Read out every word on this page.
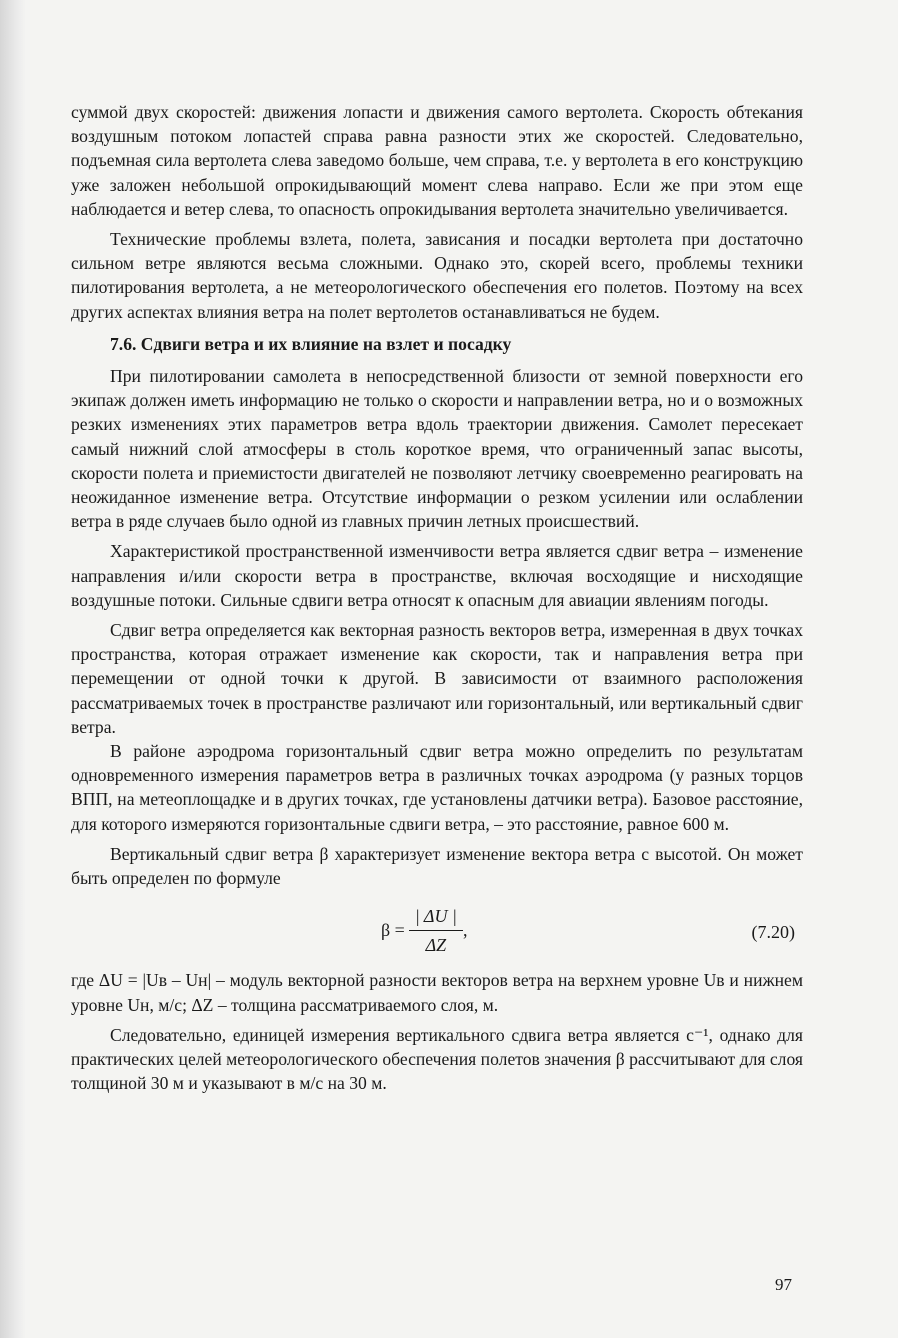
суммой двух скоростей: движения лопасти и движения самого вертолета. Скорость обтекания воздушным потоком лопастей справа равна разности этих же скоростей. Следовательно, подъемная сила вертолета слева заведомо больше, чем справа, т.е. у вертолета в его конструкцию уже заложен небольшой опрокидывающий момент слева направо. Если же при этом еще наблюдается и ветер слева, то опасность опрокидывания вертолета значительно увеличивается.

Технические проблемы взлета, полета, зависания и посадки вертолета при достаточно сильном ветре являются весьма сложными. Однако это, скорей всего, проблемы техники пилотирования вертолета, а не метеорологического обеспечения его полетов. Поэтому на всех других аспектах влияния ветра на полет вертолетов останавливаться не будем.

7.6. Сдвиги ветра и их влияние на взлет и посадку

При пилотировании самолета в непосредственной близости от земной поверхности его экипаж должен иметь информацию не только о скорости и направлении ветра, но и о возможных резких изменениях этих параметров ветра вдоль траектории движения. Самолет пересекает самый нижний слой атмосферы в столь короткое время, что ограниченный запас высоты, скорости полета и приемистости двигателей не позволяют летчику своевременно реагировать на неожиданное изменение ветра. Отсутствие информации о резком усилении или ослаблении ветра в ряде случаев было одной из главных причин летных происшествий.

Характеристикой пространственной изменчивости ветра является сдвиг ветра – изменение направления и/или скорости ветра в пространстве, включая восходящие и нисходящие воздушные потоки. Сильные сдвиги ветра относят к опасным для авиации явлениям погоды.

Сдвиг ветра определяется как векторная разность векторов ветра, измеренная в двух точках пространства, которая отражает изменение как скорости, так и направления ветра при перемещении от одной точки к другой. В зависимости от взаимного расположения рассматриваемых точек в пространстве различают или горизонтальный, или вертикальный сдвиг ветра.

В районе аэродрома горизонтальный сдвиг ветра можно определить по результатам одновременного измерения параметров ветра в различных точках аэродрома (у разных торцов ВПП, на метеоплощадке и в других точках, где установлены датчики ветра). Базовое расстояние, для которого измеряются горизонтальные сдвиги ветра, – это расстояние, равное 600 м.

Вертикальный сдвиг ветра β характеризует изменение вектора ветра с высотой. Он может быть определен по формуле

$\beta = \frac{| \Delta U |}{\Delta Z}$ ,	(7.20)

где ΔU = |Uв – Uн| – модуль векторной разности векторов ветра на верхнем уровне Uв и нижнем уровне Uн, м/с; ΔZ – толщина рассматриваемого слоя, м.

Следовательно, единицей измерения вертикального сдвига ветра является с⁻¹, однако для практических целей метеорологического обеспечения полетов значения β рассчитывают для слоя толщиной 30 м и указывают в м/с на 30 м.

97
